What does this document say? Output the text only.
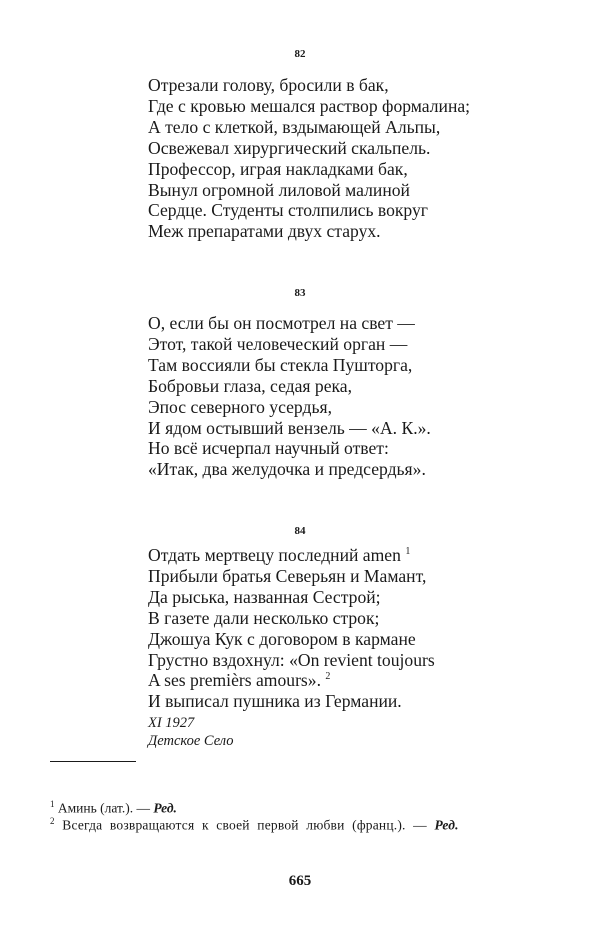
82
Отрезали голову, бросили в бак,
Где с кровью мешался раствор формалина;
А тело с клеткой, вздымающей Альпы,
Освежевал хирургический скальпель.
Профессор, играя накладками бак,
Вынул огромной лиловой малиной
Сердце. Студенты столпились вокруг
Меж препаратами двух старух.
83
О, если бы он посмотрел на свет —
Этот, такой человеческий орган —
Там воссияли бы стекла Пушторга,
Бобровьи глаза, седая река,
Эпос северного усердья,
И ядом остывший вензель — «А. К.».
Но всё исчерпал научный ответ:
«Итак, два желудочка и предсердья».
84
Отдать мертвецу последний amen $^1$
Прибыли братья Северьян и Мамант,
Да рыська, названная Сестрой;
В газете дали несколько строк;
Джошуа Кук с договором в кармане
Грустно вздохнул: «On revient toujours
A ses premièrs amours». $^2$
И выписал пушника из Германии.
XI 1927
Детское Село
$^1$ Аминь (лат.). — Ред.
$^2$ Всегда возвращаются к своей первой любви (франц.). — Ред.
665
